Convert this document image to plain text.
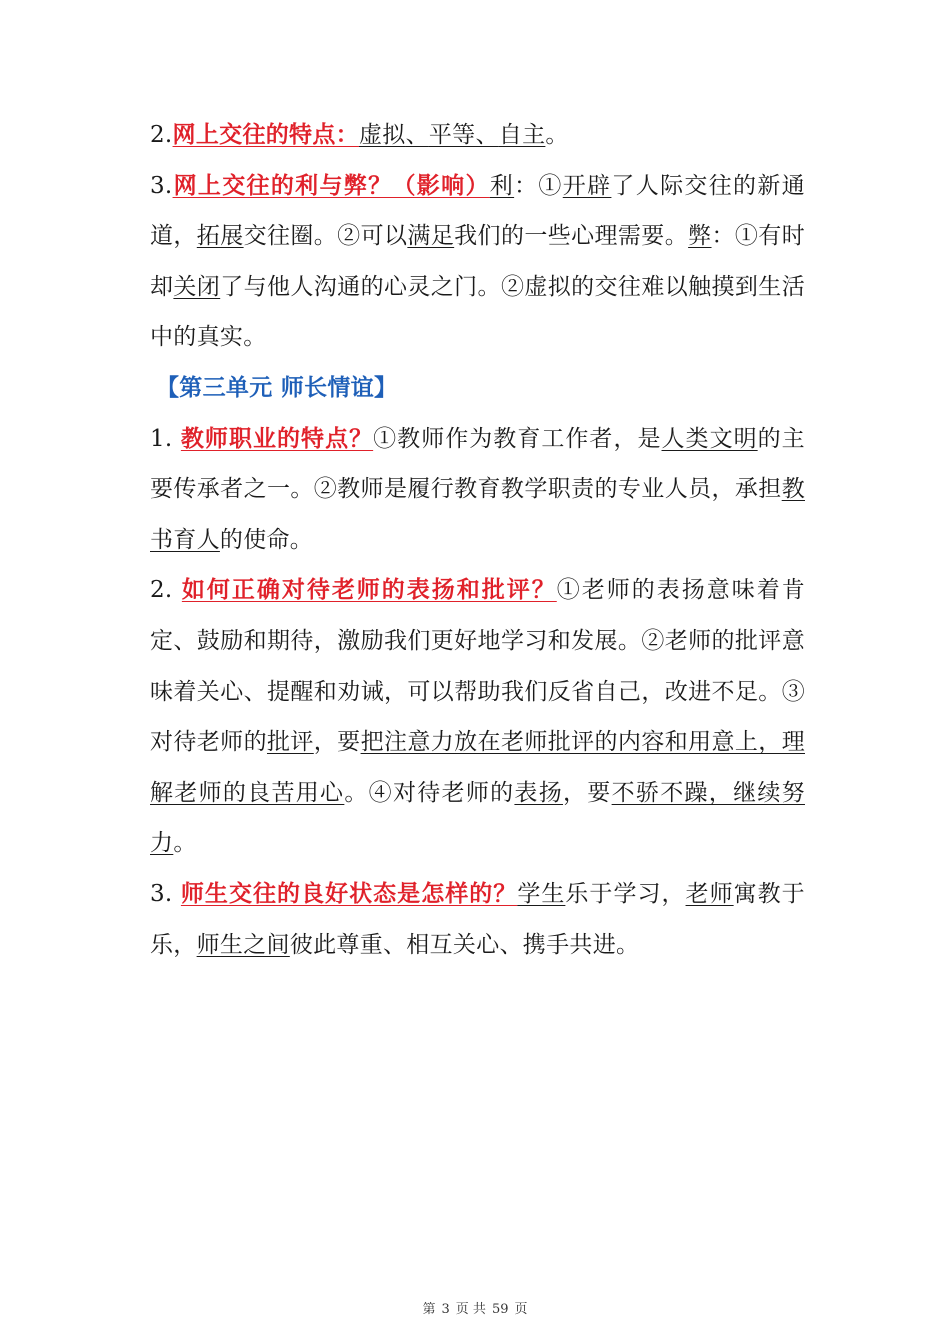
2.网上交往的特点：虚拟、平等、自主。

3.网上交往的利与弊？（影响）利：①开辟了人际交往的新通道，拓展交往圈。②可以满足我们的一些心理需要。弊：①有时却关闭了与他人沟通的心灵之门。②虚拟的交往难以触摸到生活中的真实。

【第三单元 师长情谊】

1. 教师职业的特点？①教师作为教育工作者，是人类文明的主要传承者之一。②教师是履行教育教学职责的专业人员，承担教书育人的使命。

2. 如何正确对待老师的表扬和批评？①老师的表扬意味着肯定、鼓励和期待，激励我们更好地学习和发展。②老师的批评意味着关心、提醒和劝诫，可以帮助我们反省自己，改进不足。③对待老师的批评，要把注意力放在老师批评的内容和用意上，理解老师的良苦用心。④对待老师的表扬，要不骄不躁，继续努力。

3. 师生交往的良好状态是怎样的？学生乐于学习，老师寓教于乐，师生之间彼此尊重、相互关心、携手共进。

第 3 页 共 59 页
